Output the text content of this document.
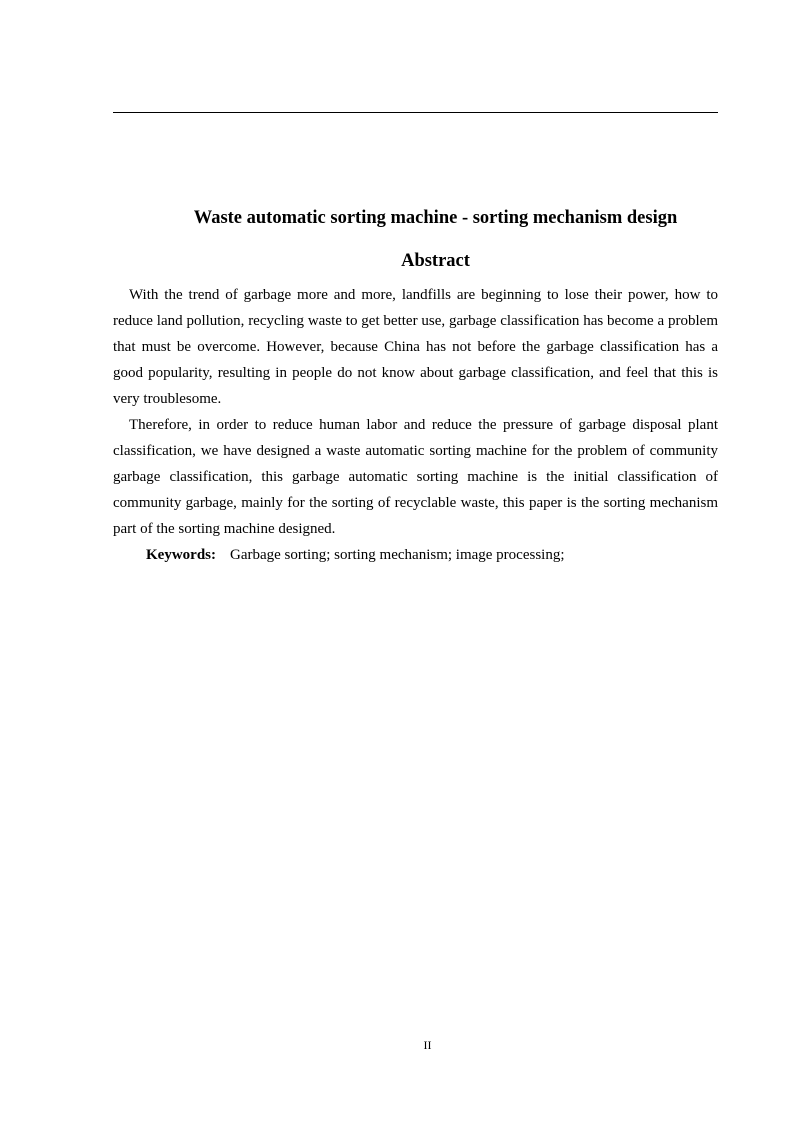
Waste automatic sorting machine - sorting mechanism design
Abstract

With the trend of garbage more and more, landfills are beginning to lose their power, how to reduce land pollution, recycling waste to get better use, garbage classification has become a problem that must be overcome. However, because China has not before the garbage classification has a good popularity, resulting in people do not know about garbage classification, and feel that this is very troublesome.

Therefore, in order to reduce human labor and reduce the pressure of garbage disposal plant classification, we have designed a waste automatic sorting machine for the problem of community garbage classification, this garbage automatic sorting machine is the initial classification of community garbage, mainly for the sorting of recyclable waste, this paper is the sorting mechanism part of the sorting machine designed.

Keywords: Garbage sorting; sorting mechanism; image processing;

II
